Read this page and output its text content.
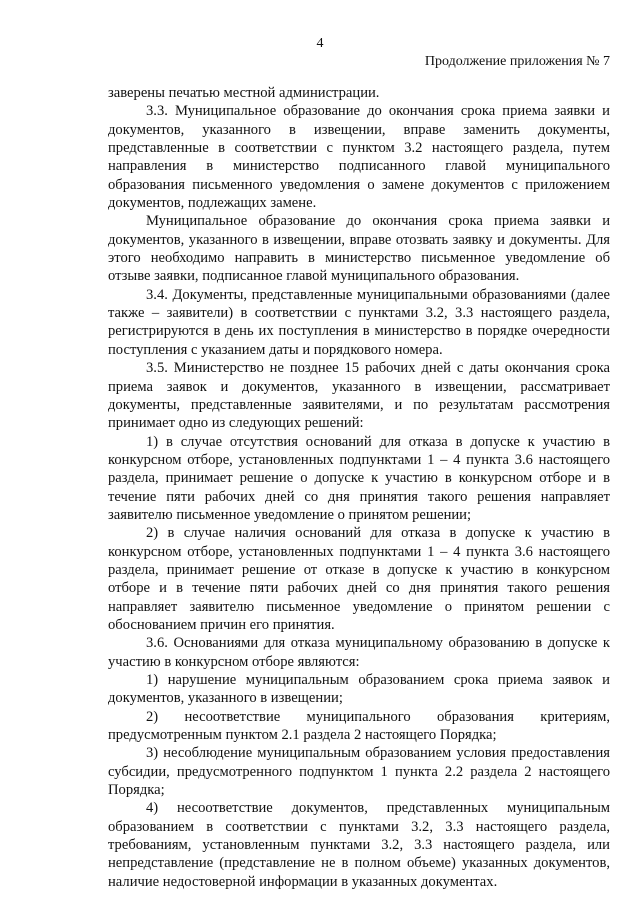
4
Продолжение приложения № 7

заверены печатью местной администрации.

3.3. Муниципальное образование до окончания срока приема заявки и документов, указанного в извещении, вправе заменить документы, представленные в соответствии с пунктом 3.2 настоящего раздела, путем направления в министерство подписанного главой муниципального образования письменного уведомления о замене документов с приложением документов, подлежащих замене.

Муниципальное образование до окончания срока приема заявки и документов, указанного в извещении, вправе отозвать заявку и документы. Для этого необходимо направить в министерство письменное уведомление об отзыве заявки, подписанное главой муниципального образования.

3.4. Документы, представленные муниципальными образованиями (далее также – заявители) в соответствии с пунктами 3.2, 3.3 настоящего раздела, регистрируются в день их поступления в министерство в порядке очередности поступления с указанием даты и порядкового номера.

3.5. Министерство не позднее 15 рабочих дней с даты окончания срока приема заявок и документов, указанного в извещении, рассматривает документы, представленные заявителями, и по результатам рассмотрения принимает одно из следующих решений:

1) в случае отсутствия оснований для отказа в допуске к участию в конкурсном отборе, установленных подпунктами 1 – 4 пункта 3.6 настоящего раздела, принимает решение о допуске к участию в конкурсном отборе и в течение пяти рабочих дней со дня принятия такого решения направляет заявителю письменное уведомление о принятом решении;

2) в случае наличия оснований для отказа в допуске к участию в конкурсном отборе, установленных подпунктами 1 – 4 пункта 3.6 настоящего раздела, принимает решение от отказе в допуске к участию в конкурсном отборе и в течение пяти рабочих дней со дня принятия такого решения направляет заявителю письменное уведомление о принятом решении с обоснованием причин его принятия.

3.6. Основаниями для отказа муниципальному образованию в допуске к участию в конкурсном отборе являются:

1) нарушение муниципальным образованием срока приема заявок и документов, указанного в извещении;

2) несоответствие муниципального образования критериям, предусмотренным пунктом 2.1 раздела 2 настоящего Порядка;

3) несоблюдение муниципальным образованием условия предоставления субсидии, предусмотренного подпунктом 1 пункта 2.2 раздела 2 настоящего Порядка;

4) несоответствие документов, представленных муниципальным образованием в соответствии с пунктами 3.2, 3.3 настоящего раздела, требованиям, установленным пунктами 3.2, 3.3 настоящего раздела, или непредставление (представление не в полном объеме) указанных документов, наличие недостоверной информации в указанных документах.
